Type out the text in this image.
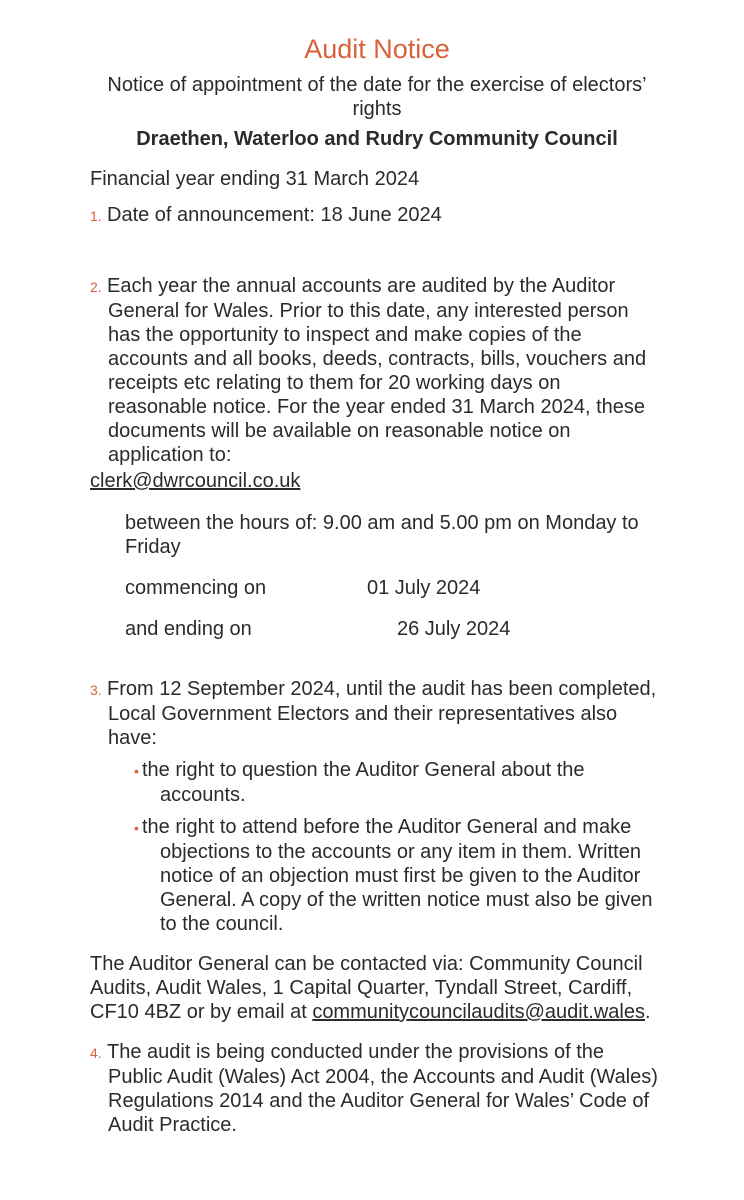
Audit Notice

Notice of appointment of the date for the exercise of electors’ rights

Draethen, Waterloo and Rudry Community Council

Financial year ending 31 March 2024

1. Date of announcement: 18 June 2024

2. Each year the annual accounts are audited by the Auditor General for Wales. Prior to this date, any interested person has the opportunity to inspect and make copies of the accounts and all books, deeds, contracts, bills, vouchers and receipts etc relating to them for 20 working days on reasonable notice. For the year ended 31 March 2024, these documents will be available on reasonable notice on application to:

clerk@dwrcouncil.co.uk

between the hours of: 9.00 am and 5.00 pm on Monday to Friday

commencing on	01 July 2024
and ending on	26 July 2024

3. From 12 September 2024, until the audit has been completed, Local Government Electors and their representatives also have:

• the right to question the Auditor General about the accounts.

• the right to attend before the Auditor General and make objections to the accounts or any item in them. Written notice of an objection must first be given to the Auditor General. A copy of the written notice must also be given to the council.

The Auditor General can be contacted via: Community Council Audits, Audit Wales, 1 Capital Quarter, Tyndall Street, Cardiff, CF10 4BZ or by email at communitycouncilaudits@audit.wales.

4. The audit is being conducted under the provisions of the Public Audit (Wales) Act 2004, the Accounts and Audit (Wales) Regulations 2014 and the Auditor General for Wales’ Code of Audit Practice.
